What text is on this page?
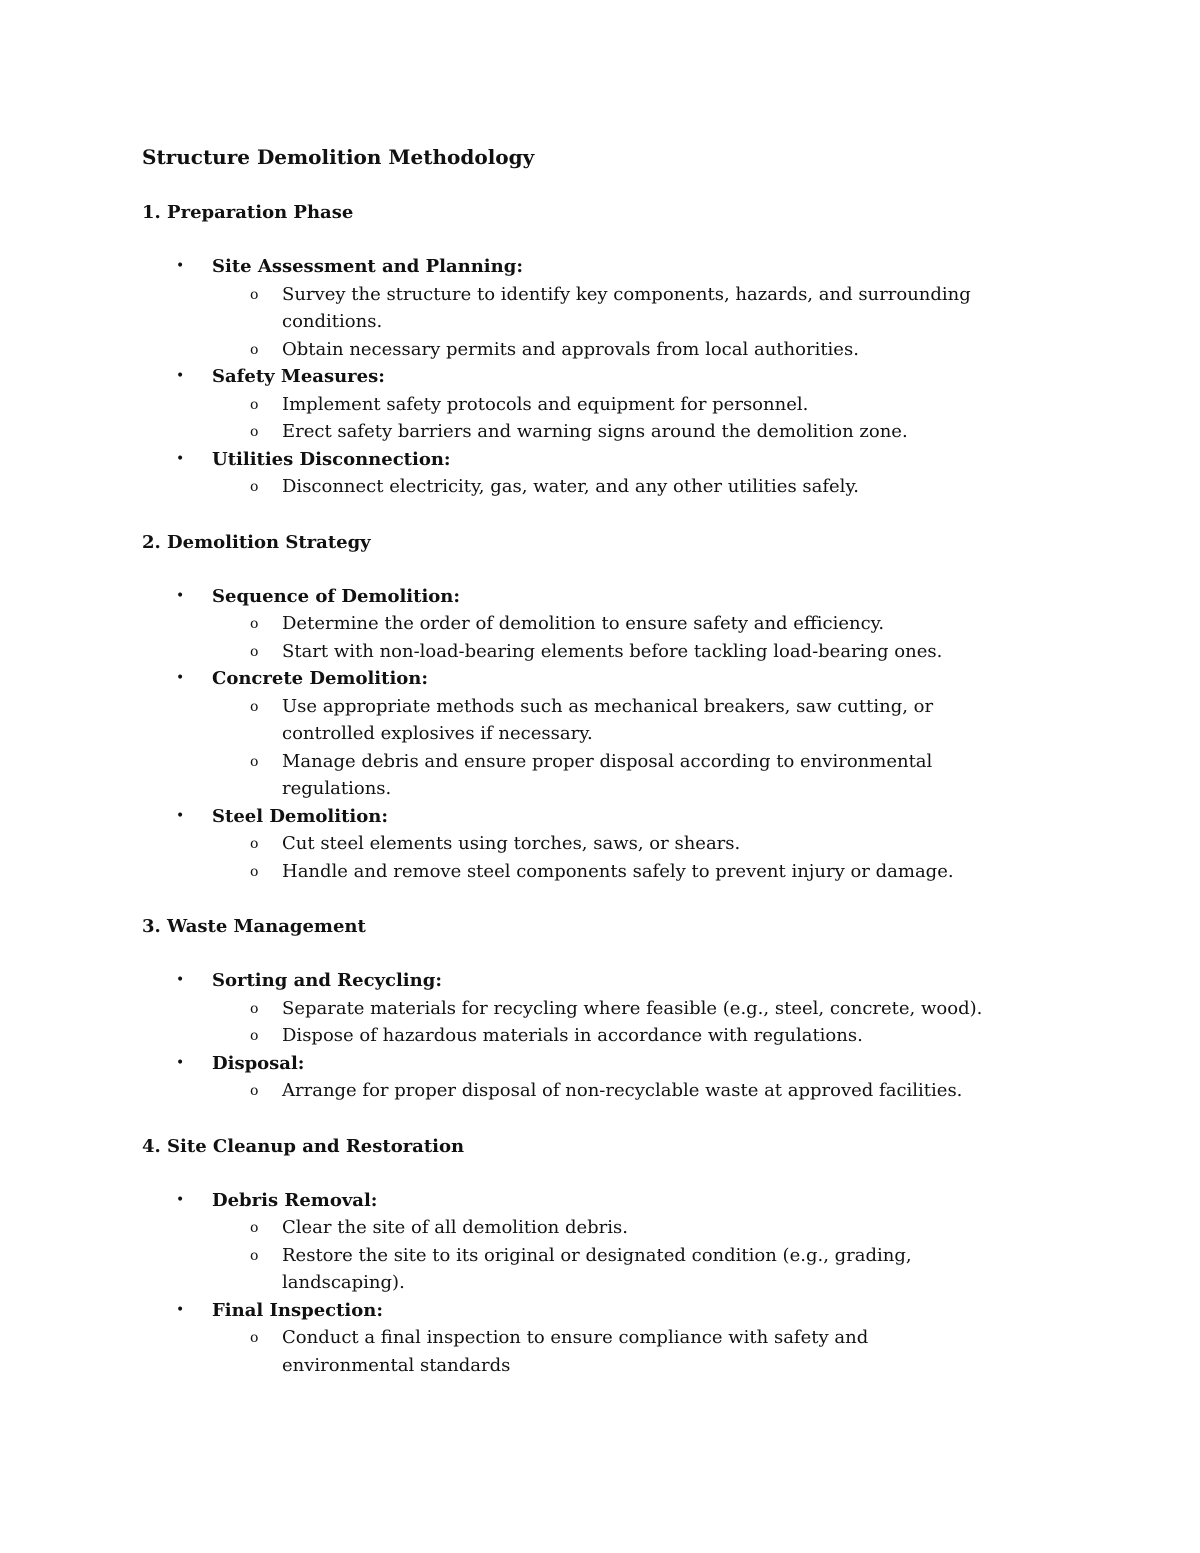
Structure Demolition Methodology
1. Preparation Phase
• Site Assessment and Planning:
o Survey the structure to identify key components, hazards, and surrounding conditions.
o Obtain necessary permits and approvals from local authorities.
• Safety Measures:
o Implement safety protocols and equipment for personnel.
o Erect safety barriers and warning signs around the demolition zone.
• Utilities Disconnection:
o Disconnect electricity, gas, water, and any other utilities safely.
2. Demolition Strategy
• Sequence of Demolition:
o Determine the order of demolition to ensure safety and efficiency.
o Start with non-load-bearing elements before tackling load-bearing ones.
• Concrete Demolition:
o Use appropriate methods such as mechanical breakers, saw cutting, or controlled explosives if necessary.
o Manage debris and ensure proper disposal according to environmental regulations.
• Steel Demolition:
o Cut steel elements using torches, saws, or shears.
o Handle and remove steel components safely to prevent injury or damage.
3. Waste Management
• Sorting and Recycling:
o Separate materials for recycling where feasible (e.g., steel, concrete, wood).
o Dispose of hazardous materials in accordance with regulations.
• Disposal:
o Arrange for proper disposal of non-recyclable waste at approved facilities.
4. Site Cleanup and Restoration
• Debris Removal:
o Clear the site of all demolition debris.
o Restore the site to its original or designated condition (e.g., grading, landscaping).
• Final Inspection:
o Conduct a final inspection to ensure compliance with safety and environmental standards
